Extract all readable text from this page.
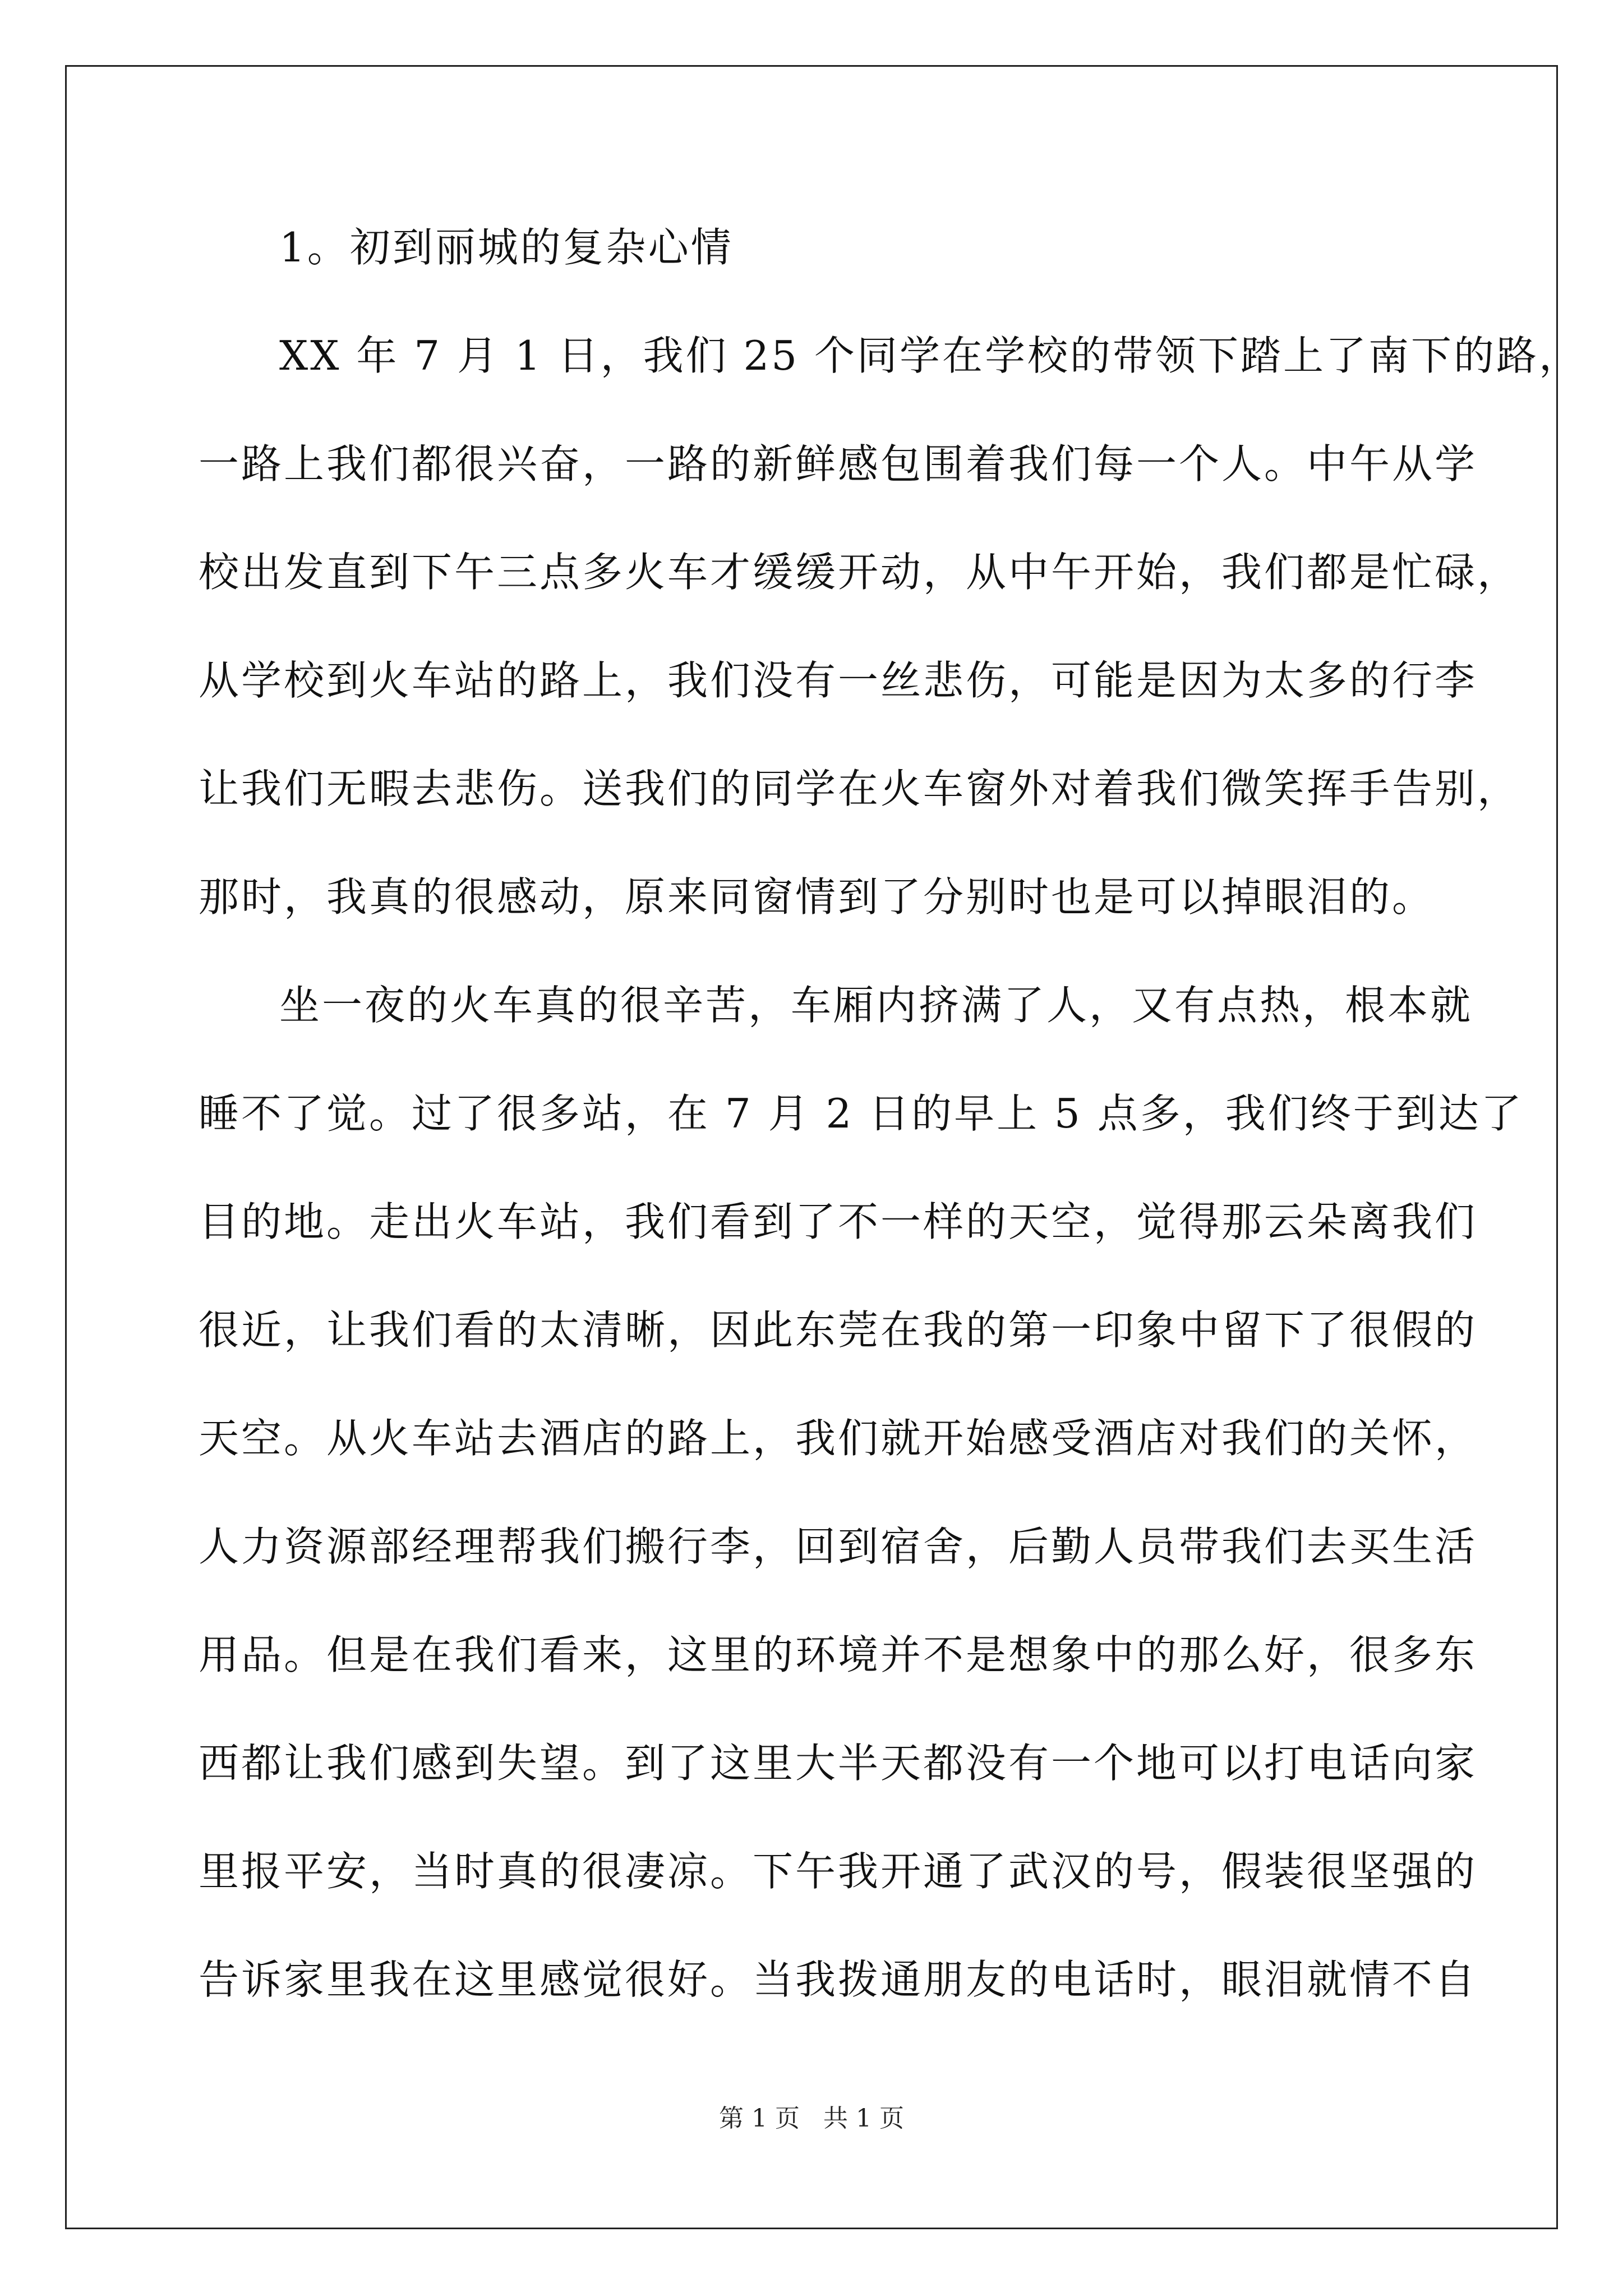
1。初到丽城的复杂心情
XX 年 7 月 1 日，我们 25 个同学在学校的带领下踏上了南下的路，
一路上我们都很兴奋，一路的新鲜感包围着我们每一个人。中午从学
校出发直到下午三点多火车才缓缓开动，从中午开始，我们都是忙碌，
从学校到火车站的路上，我们没有一丝悲伤，可能是因为太多的行李
让我们无暇去悲伤。送我们的同学在火车窗外对着我们微笑挥手告别，
那时，我真的很感动，原来同窗情到了分别时也是可以掉眼泪的。
坐一夜的火车真的很辛苦，车厢内挤满了人，又有点热，根本就
睡不了觉。过了很多站，在 7 月 2 日的早上 5 点多，我们终于到达了
目的地。走出火车站，我们看到了不一样的天空，觉得那云朵离我们
很近，让我们看的太清晰，因此东莞在我的第一印象中留下了很假的
天空。从火车站去酒店的路上，我们就开始感受酒店对我们的关怀，
人力资源部经理帮我们搬行李，回到宿舍，后勤人员带我们去买生活
用品。但是在我们看来，这里的环境并不是想象中的那么好，很多东
西都让我们感到失望。到了这里大半天都没有一个地可以打电话向家
里报平安，当时真的很凄凉。下午我开通了武汉的号，假装很坚强的
告诉家里我在这里感觉很好。当我拨通朋友的电话时，眼泪就情不自
第 1 页 共 1 页
